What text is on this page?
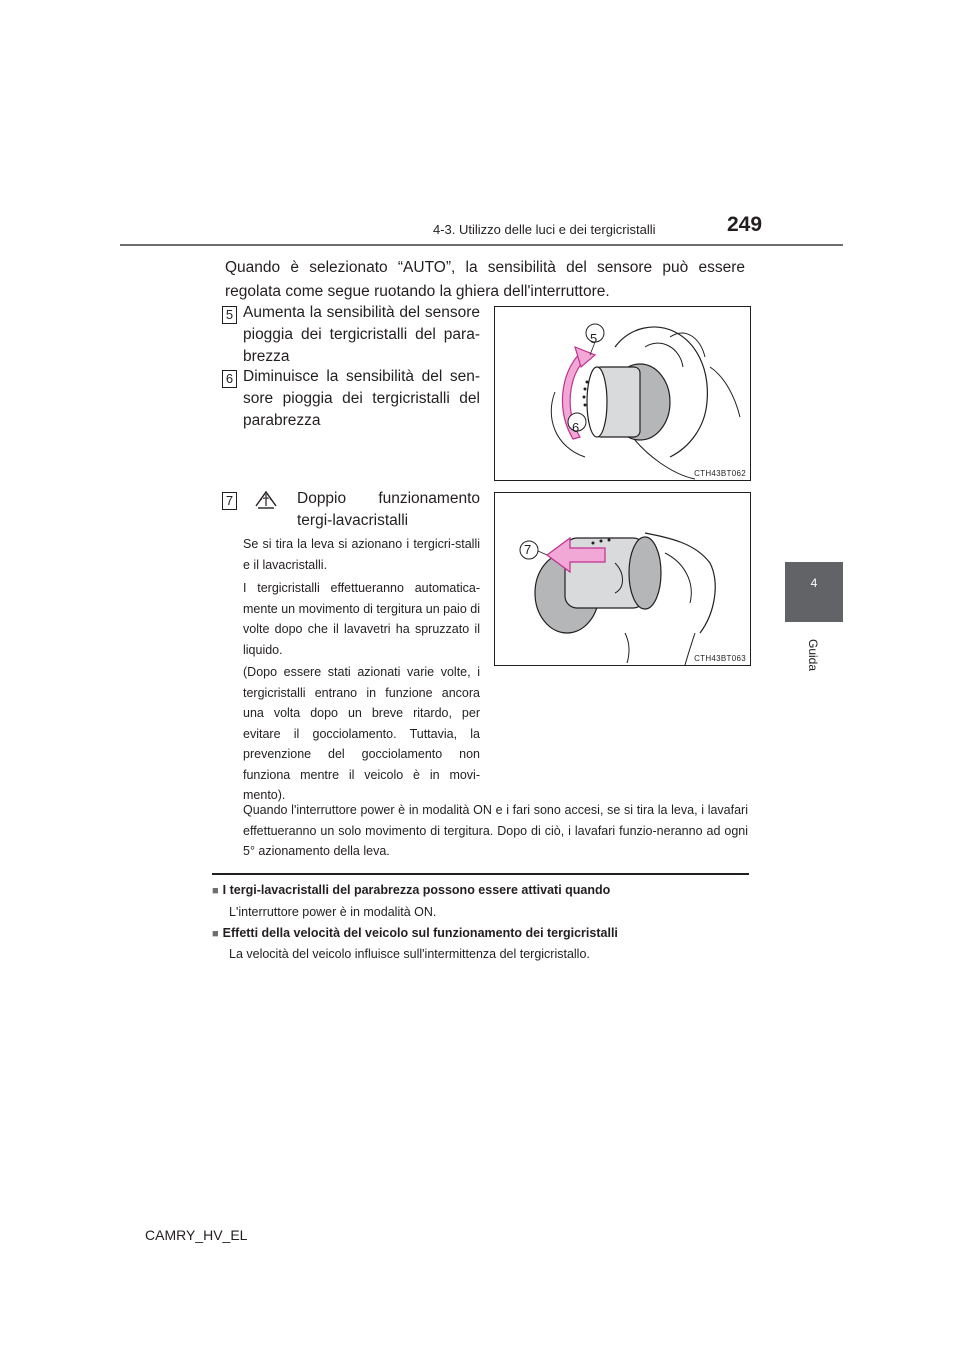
4-3. Utilizzo delle luci e dei tergicristalli	249
4
Guida
Quando è selezionato “AUTO”, la sensibilità del sensore può essere regolata come segue ruotando la ghiera dell'interruttore.
5 Aumenta la sensibilità del sensore pioggia dei tergicristalli del para-brezza
6 Diminuisce la sensibilità del sen-sore pioggia dei tergicristalli del parabrezza
5
6
CTH43BT062
7	Doppio funzionamento tergi-lavacristalli
Se si tira la leva si azionano i tergicri-stalli e il lavacristalli.
I tergicristalli effettueranno automatica-mente un movimento di tergitura un paio di volte dopo che il lavavetri ha spruzzato il liquido.
(Dopo essere stati azionati varie volte, i tergicristalli entrano in funzione ancora una volta dopo un breve ritardo, per evitare il gocciolamento. Tuttavia, la prevenzione del gocciolamento non funziona mentre il veicolo è in movi-mento).
7
CTH43BT063
Quando l'interruttore power è in modalità ON e i fari sono accesi, se si tira la leva, i lavafari effettueranno un solo movimento di tergitura. Dopo di ciò, i lavafari funzio-neranno ad ogni 5° azionamento della leva.
■ I tergi-lavacristalli del parabrezza possono essere attivati quando
L'interruttore power è in modalità ON.
■ Effetti della velocità del veicolo sul funzionamento dei tergicristalli
La velocità del veicolo influisce sull'intermittenza del tergicristallo.
CAMRY_HV_EL
